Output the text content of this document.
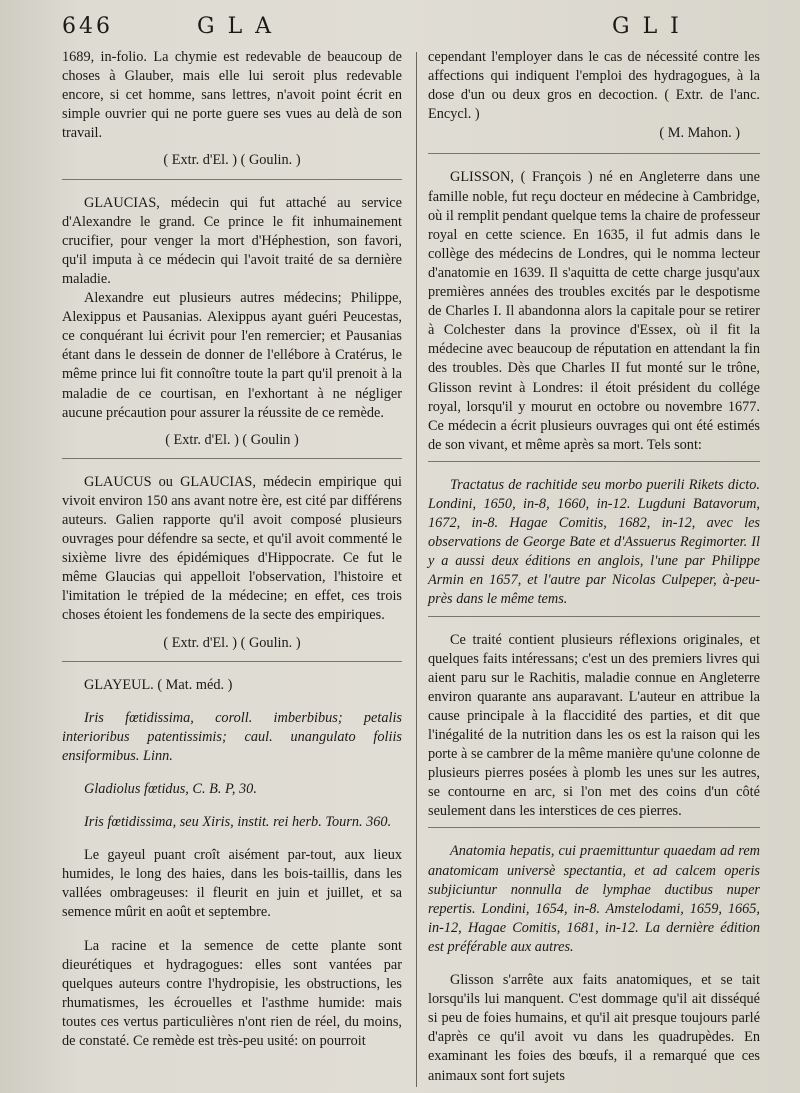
646	G L A	G L I

1689, in-folio. La chymie est redevable de beaucoup de choses à Glauber, mais elle lui seroit plus redevable encore, si cet homme, sans lettres, n'avoit point écrit en simple ouvrier qui ne porte guere ses vues au delà de son travail.

( Extr. d'El. ) ( Goulin. )

GLAUCIAS, médecin qui fut attaché au service d'Alexandre le grand. Ce prince le fit inhumainement crucifier, pour venger la mort d'Héphestion, son favori, qu'il imputa à ce médecin qui l'avoit traité de sa dernière maladie.

Alexandre eut plusieurs autres médecins; Philippe, Alexippus et Pausanias. Alexippus ayant guéri Peucestas, ce conquérant lui écrivit pour l'en remercier; et Pausanias étant dans le dessein de donner de l'ellébore à Cratérus, le même prince lui fit connoître toute la part qu'il prenoit à la maladie de ce courtisan, en l'exhortant à ne négliger aucune précaution pour assurer la réussite de ce remède.

( Extr. d'El. ) ( Goulin )

GLAUCUS ou GLAUCIAS, médecin empirique qui vivoit environ 150 ans avant notre ère, est cité par différens auteurs. Galien rapporte qu'il avoit composé plusieurs ouvrages pour défendre sa secte, et qu'il avoit commenté le sixième livre des épidémiques d'Hippocrate. Ce fut le même Glaucias qui appelloit l'observation, l'histoire et l'imitation le trépied de la médecine; en effet, ces trois choses étoient les fondemens de la secte des empiriques.

( Extr. d'El. ) ( Goulin. )

GLAYEUL. ( Mat. méd. )

Iris fœtidissima, coroll. imberbibus; petalis interioribus patentissimis; caul. unangulato foliis ensiformibus. Linn.

Gladiolus fœtidus, C. B. P, 30.

Iris fœtidissima, seu Xiris, instit. rei herb. Tourn. 360.

Le gayeul puant croît aisément par-tout, aux lieux humides, le long des haies, dans les bois-taillis, dans les vallées ombrageuses: il fleurit en juin et juillet, et sa semence mûrit en août et septembre.

La racine et la semence de cette plante sont dieurétiques et hydragogues: elles sont vantées par quelques auteurs contre l'hydropisie, les obstructions, les rhumatismes, les écrouelles et l'asthme humide: mais toutes ces vertus particulières n'ont rien de réel, du moins, de constaté. Ce remède est très-peu usité: on pourroit

cependant l'employer dans le cas de nécessité contre les affections qui indiquent l'emploi des hydragogues, à la dose d'un ou deux gros en decoction. ( Extr. de l'anc. Encycl. )

( M. Mahon. )

GLISSON, ( François ) né en Angleterre dans une famille noble, fut reçu docteur en médecine à Cambridge, où il remplit pendant quelque tems la chaire de professeur royal en cette science. En 1635, il fut admis dans le collège des médecins de Londres, qui le nomma lecteur d'anatomie en 1639. Il s'aquitta de cette charge jusqu'aux premières années des troubles excités par le despotisme de Charles I. Il abandonna alors la capitale pour se retirer à Colchester dans la province d'Essex, où il fit la médecine avec beaucoup de réputation en attendant la fin des troubles. Dès que Charles II fut monté sur le trône, Glisson revint à Londres: il étoit président du collége royal, lorsqu'il y mourut en octobre ou novembre 1677. Ce médecin a écrit plusieurs ouvrages qui ont été estimés de son vivant, et même après sa mort. Tels sont:

Tractatus de rachitide seu morbo puerili Rikets dicto. Londini, 1650, in-8, 1660, in-12. Lugduni Batavorum, 1672, in-8. Hagae Comitis, 1682, in-12, avec les observations de George Bate et d'Assuerus Regimorter. Il y a aussi deux éditions en anglois, l'une par Philippe Armin en 1657, et l'autre par Nicolas Culpeper, à-peu-près dans le même tems.

Ce traité contient plusieurs réflexions originales, et quelques faits intéressans; c'est un des premiers livres qui aient paru sur le Rachitis, maladie connue en Angleterre environ quarante ans auparavant. L'auteur en attribue la cause principale à la flaccidité des parties, et dit que l'inégalité de la nutrition dans les os est la raison qui les porte à se cambrer de la même manière qu'une colonne de plusieurs pierres posées à plomb les unes sur les autres, se contourne en arc, si l'on met des coins d'un côté seulement dans les interstices de ces pierres.

Anatomia hepatis, cui praemittuntur quaedam ad rem anatomicam universè spectantia, et ad calcem operis subjiciuntur nonnulla de lymphae ductibus nuper repertis. Londini, 1654, in-8. Amstelodami, 1659, 1665, in-12, Hagae Comitis, 1681, in-12. La dernière édition est préférable aux autres.

Glisson s'arrête aux faits anatomiques, et se tait lorsqu'ils lui manquent. C'est dommage qu'il ait disséqué si peu de foies humains, et qu'il ait presque toujours parlé d'après ce qu'il avoit vu dans les quadrupèdes. En examinant les foies des bœufs, il a remarqué que ces animaux sont fort sujets
